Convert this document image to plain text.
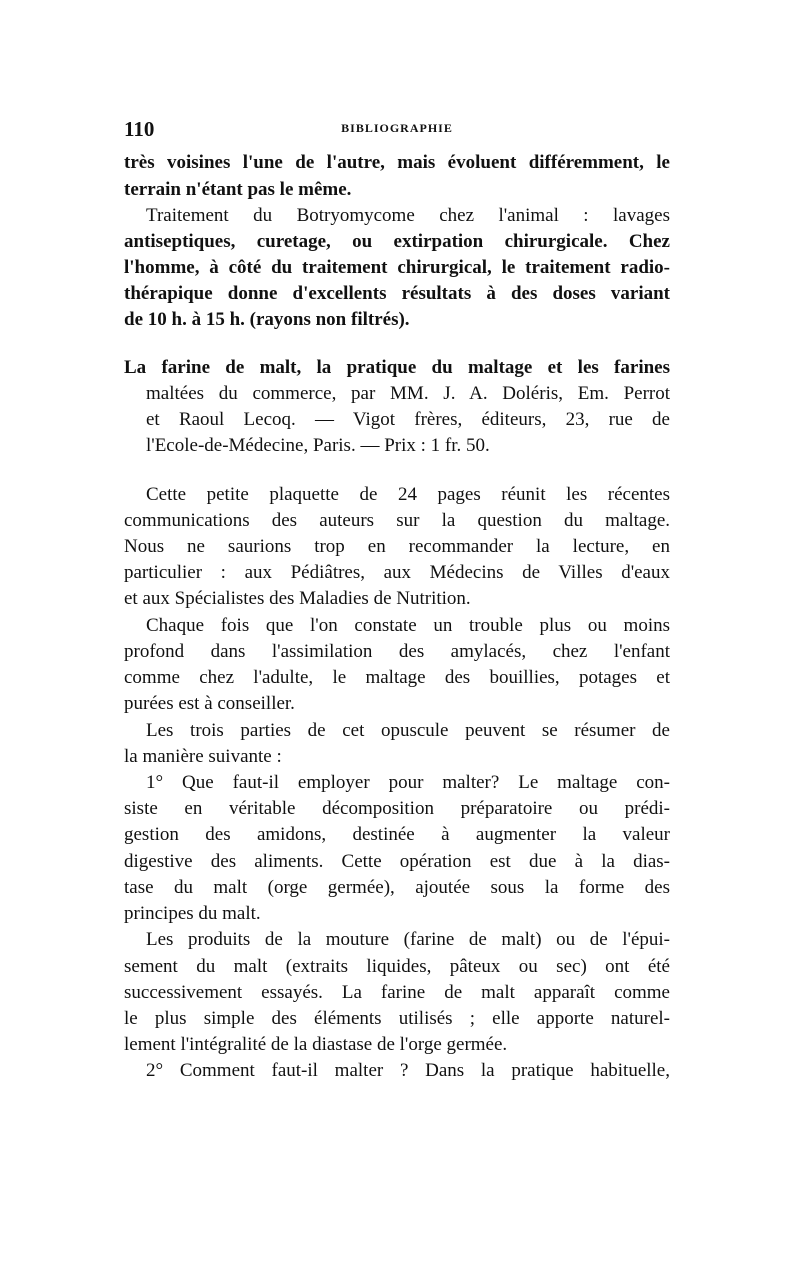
110	BIBLIOGRAPHIE
très voisines l'une de l'autre, mais évoluent différemment, le
terrain n'étant pas le même.
Traitement du Botryomycome chez l'animal : lavages
antiseptiques, curetage, ou extirpation chirurgicale. Chez
l'homme, à côté du traitement chirurgical, le traitement radio-
thérapique donne d'excellents résultats à des doses variant
de 10 h. à 15 h. (rayons non filtrés).
La farine de malt, la pratique du maltage et les farines
maltées du commerce, par MM. J. A. Doléris, Em. Perrot
et Raoul Lecoq. — Vigot frères, éditeurs, 23, rue de
l'Ecole-de-Médecine, Paris. — Prix : 1 fr. 50.
Cette petite plaquette de 24 pages réunit les récentes
communications des auteurs sur la question du maltage.
Nous ne saurions trop en recommander la lecture, en
particulier : aux Pédiâtres, aux Médecins de Villes d'eaux
et aux Spécialistes des Maladies de Nutrition.
Chaque fois que l'on constate un trouble plus ou moins
profond dans l'assimilation des amylacés, chez l'enfant
comme chez l'adulte, le maltage des bouillies, potages et
purées est à conseiller.
Les trois parties de cet opuscule peuvent se résumer de
la manière suivante :
1° Que faut-il employer pour malter? Le maltage con-
siste en véritable décomposition préparatoire ou prédi-
gestion des amidons, destinée à augmenter la valeur
digestive des aliments. Cette opération est due à la dias-
tase du malt (orge germée), ajoutée sous la forme des
principes du malt.
Les produits de la mouture (farine de malt) ou de l'épui-
sement du malt (extraits liquides, pâteux ou sec) ont été
successivement essayés. La farine de malt apparaît comme
le plus simple des éléments utilisés ; elle apporte naturel-
lement l'intégralité de la diastase de l'orge germée.
2° Comment faut-il malter ? Dans la pratique habituelle,
